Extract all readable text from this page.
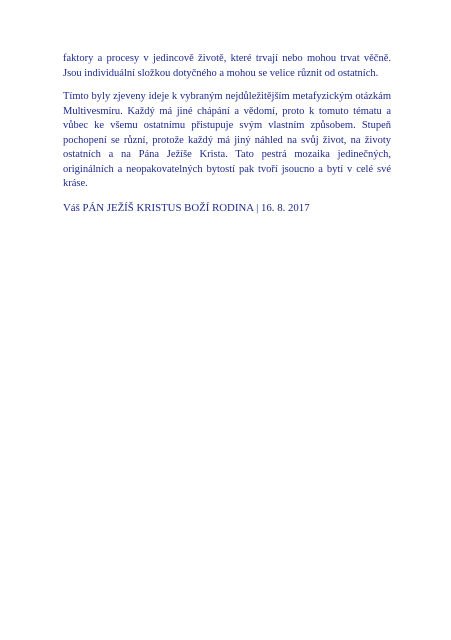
faktory a procesy v jedincově životě, které trvají nebo mohou trvat věčně. Jsou individuální složkou dotyčného a mohou se velice různit od ostatních.

Tímto byly zjeveny ideje k vybraným nejdůležitějším metafyzickým otázkám Multivesmíru. Každý má jiné chápání a vědomí, proto k tomuto tématu a vůbec ke všemu ostatnímu přistupuje svým vlastním způsobem. Stupeň pochopení se různí, protože každý má jiný náhled na svůj život, na životy ostatních a na Pána Ježíše Krista. Tato pestrá mozaika jedinečných, originálních a neopakovatelných bytostí pak tvoří jsoucno a bytí v celé své kráse.

Váš PÁN JEŽÍŠ KRISTUS BOŽÍ RODINA | 16. 8. 2017
